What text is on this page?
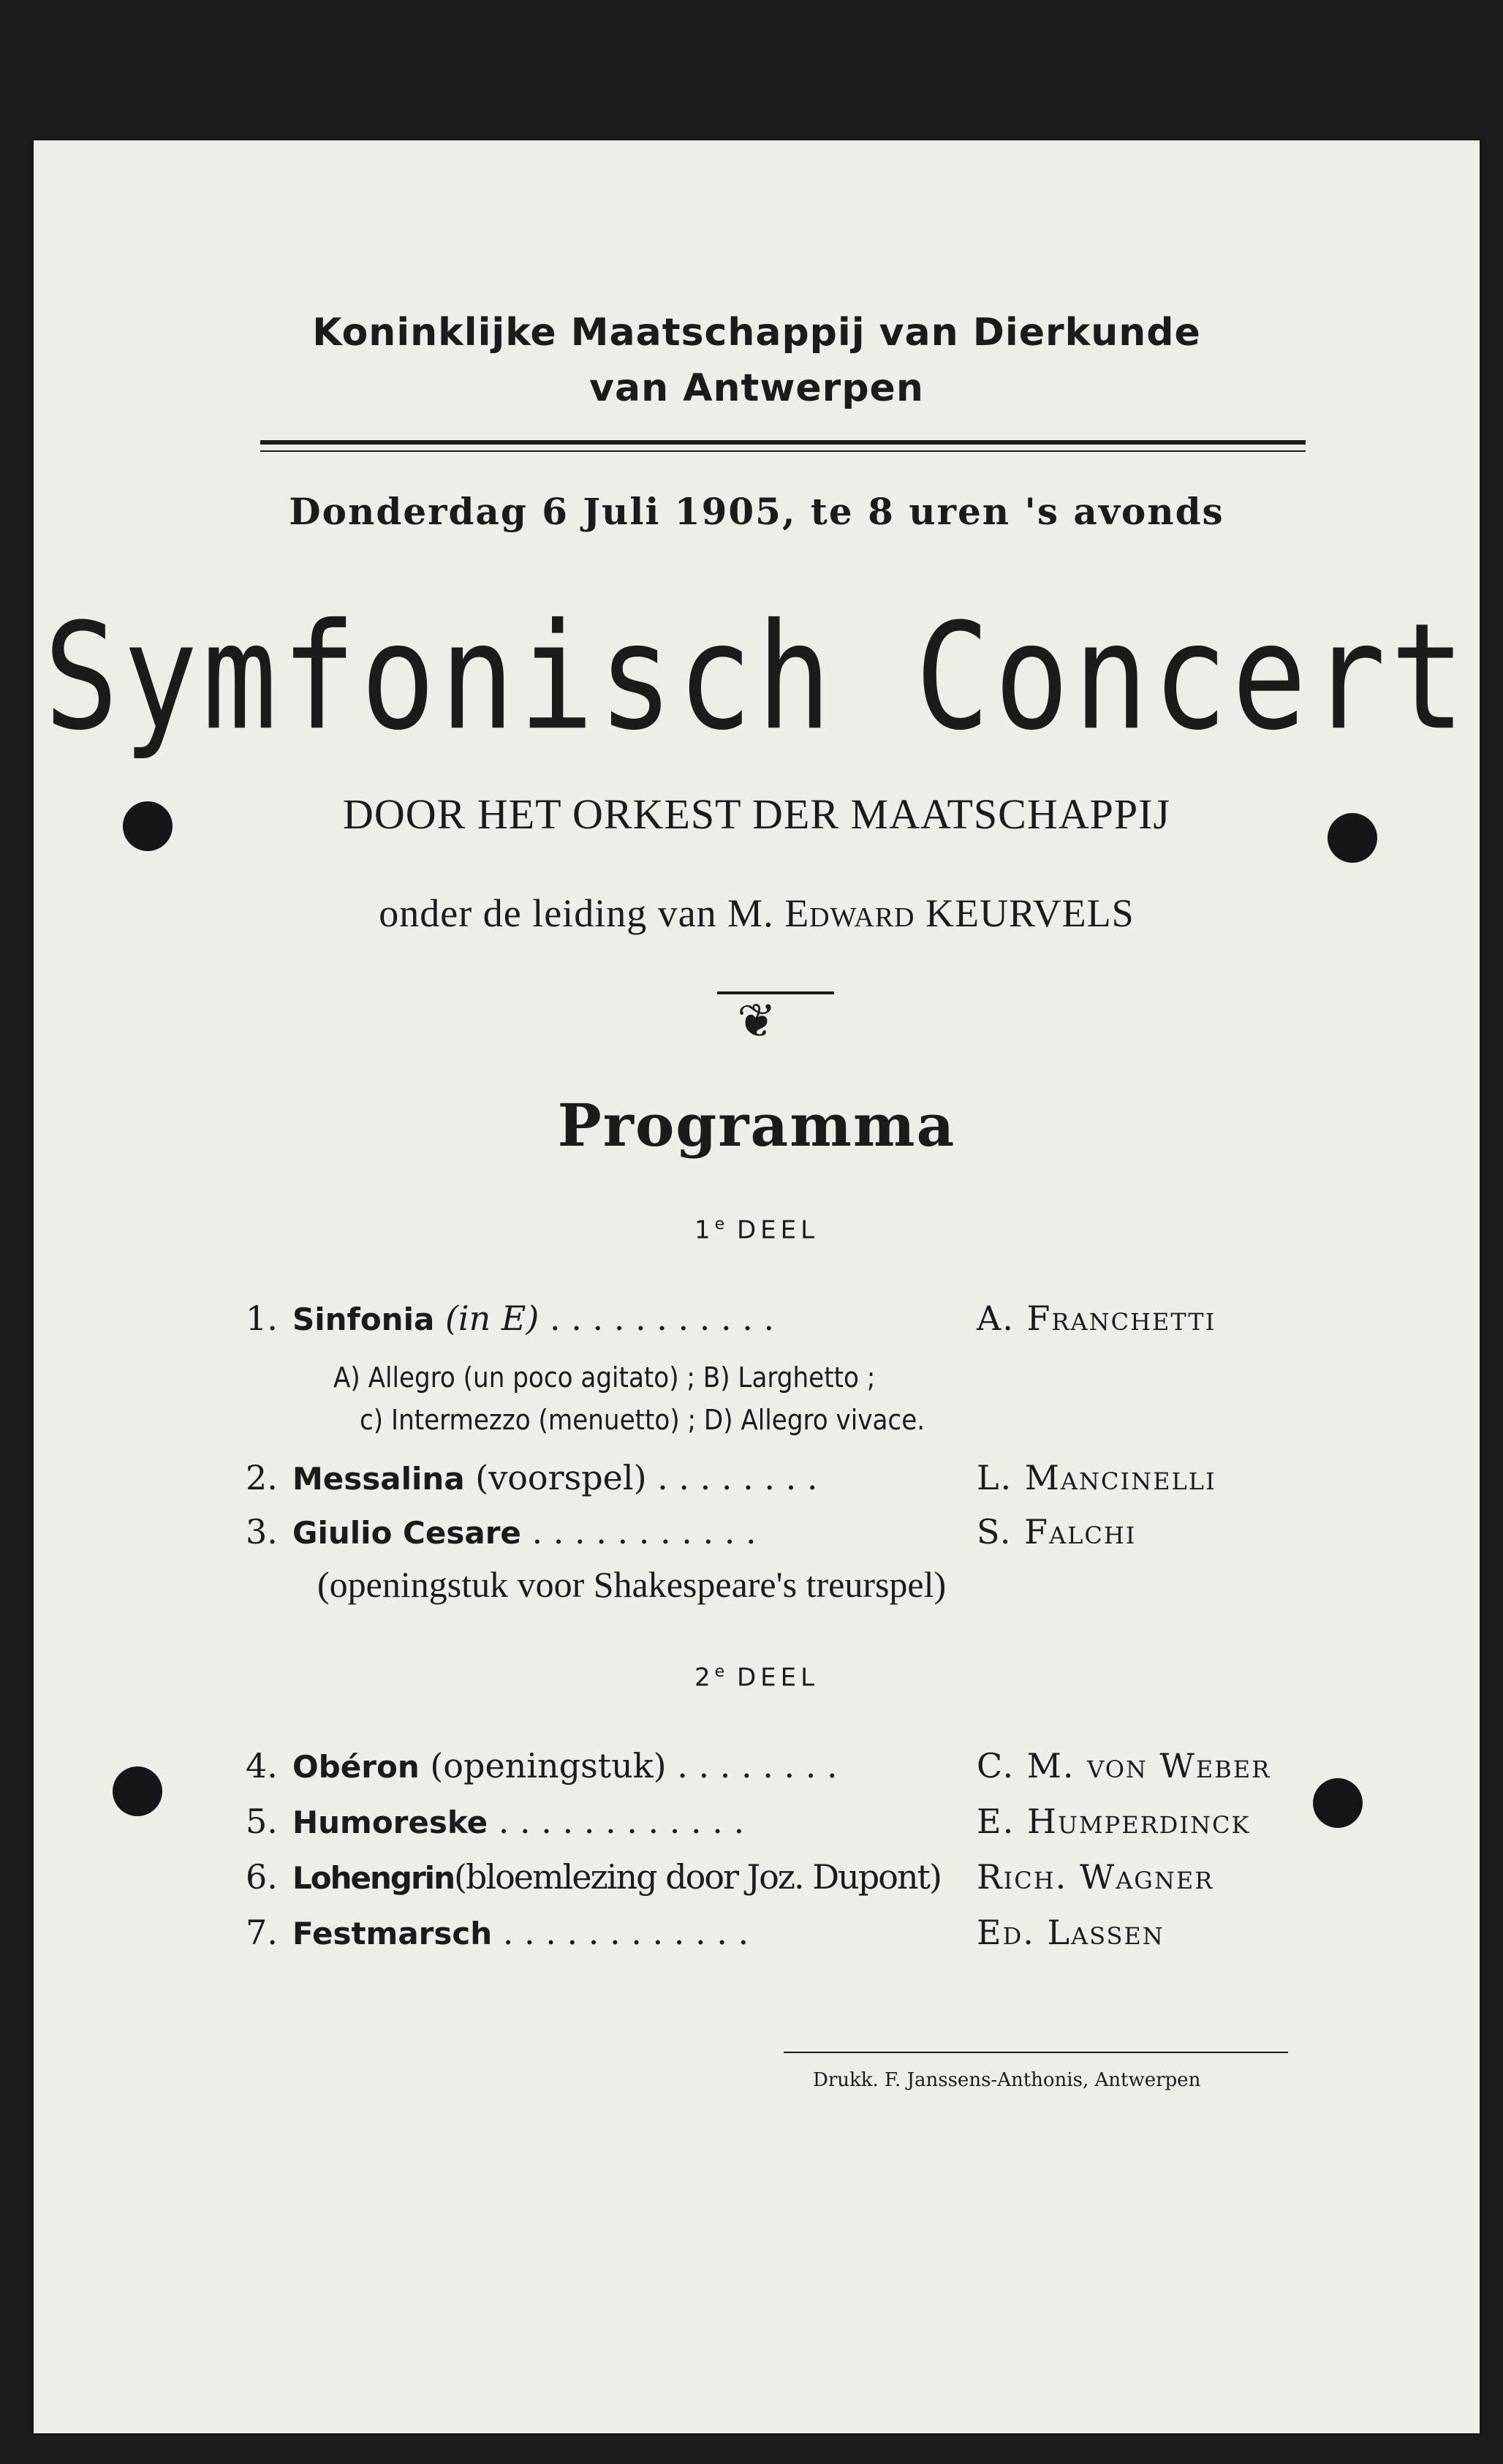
Koninklijke Maatschappij van Dierkunde
van Antwerpen
Donderdag 6 Juli 1905, te 8 uren 's avonds
Symfonisch Concert
DOOR HET ORKEST DER MAATSCHAPPIJ
onder de leiding van M. Edward KEURVELS
❦
Programma
1e DEEL
1. Sinfonia (in E) . . . . . . . . . . .	A. Franchetti
A) Allegro (un poco agitato) ; B) Larghetto ;
c) Intermezzo (menuetto) ; D) Allegro vivace.
2. Messalina (voorspel) . . . . . . . .	L. Mancinelli
3. Giulio Cesare . . . . . . . . . . .	S. Falchi
(openingstuk voor Shakespeare's treurspel)
2e DEEL
4. Obéron (openingstuk) . . . . . . . .	C. M. von Weber
5. Humoreske . . . . . . . . . . . .	E. Humperdinck
6. Lohengrin(bloemlezing door Joz. Dupont) Rich. Wagner
7. Festmarsch . . . . . . . . . . . .	Ed. Lassen
Drukk. F. Janssens-Anthonis, Antwerpen
